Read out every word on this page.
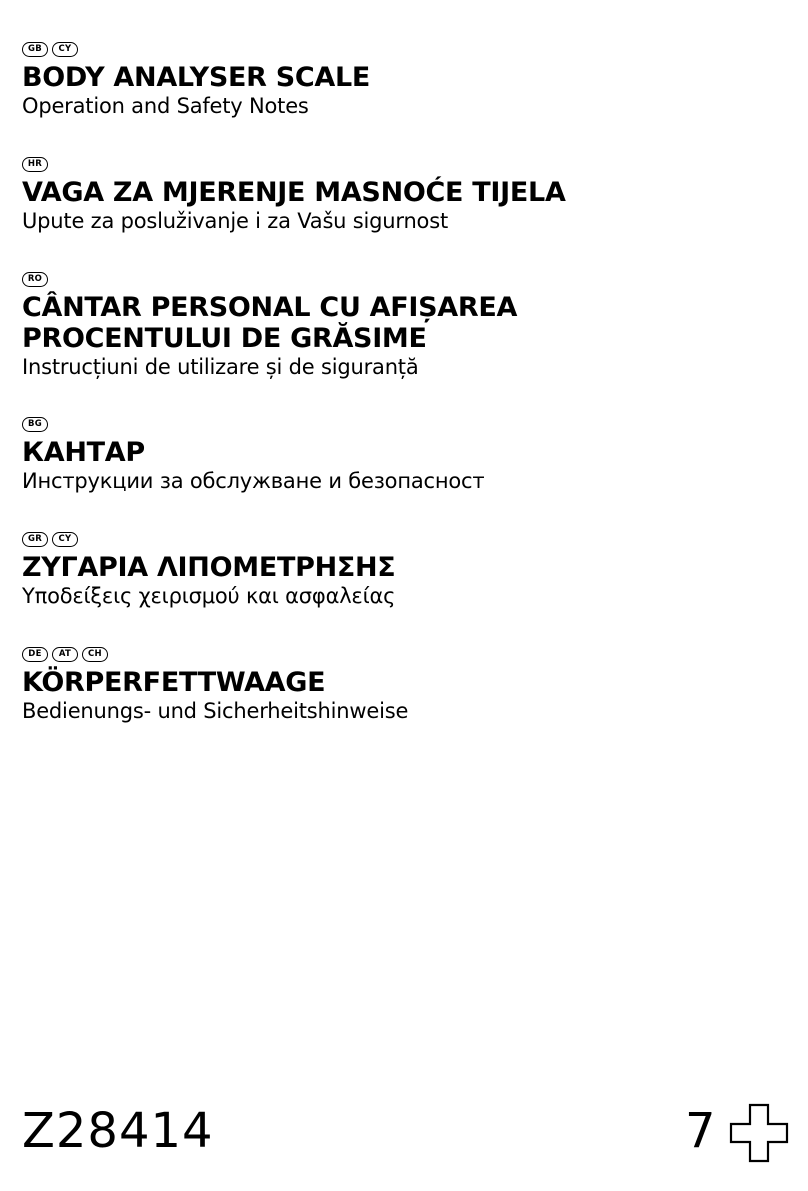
GB	CY
BODY ANALYSER SCALE

Operation and Safety Notes

HR
VAGA ZA MJERENJE MASNOĆE TIJELA

Upute za posluživanje i za Vašu sigurnost

RO
CÂNTAR PERSONAL CU AFIȘAREA
PROCENTULUI DE GRĂSIME

Instrucțiuni de utilizare și de siguranță

BG
КАНТАР

Инструкции за обслужване и безопасност

GR	CY
ΖΥΓΑΡΙΑ ΛΙΠΟΜΕΤΡΗΣΗΣ

Υποδείξεις χειρισμού και ασφαλείας

DE	AT	CH
KÖRPERFETTWAAGE

Bedienungs- und Sicherheitshinweise

Z28414	7
